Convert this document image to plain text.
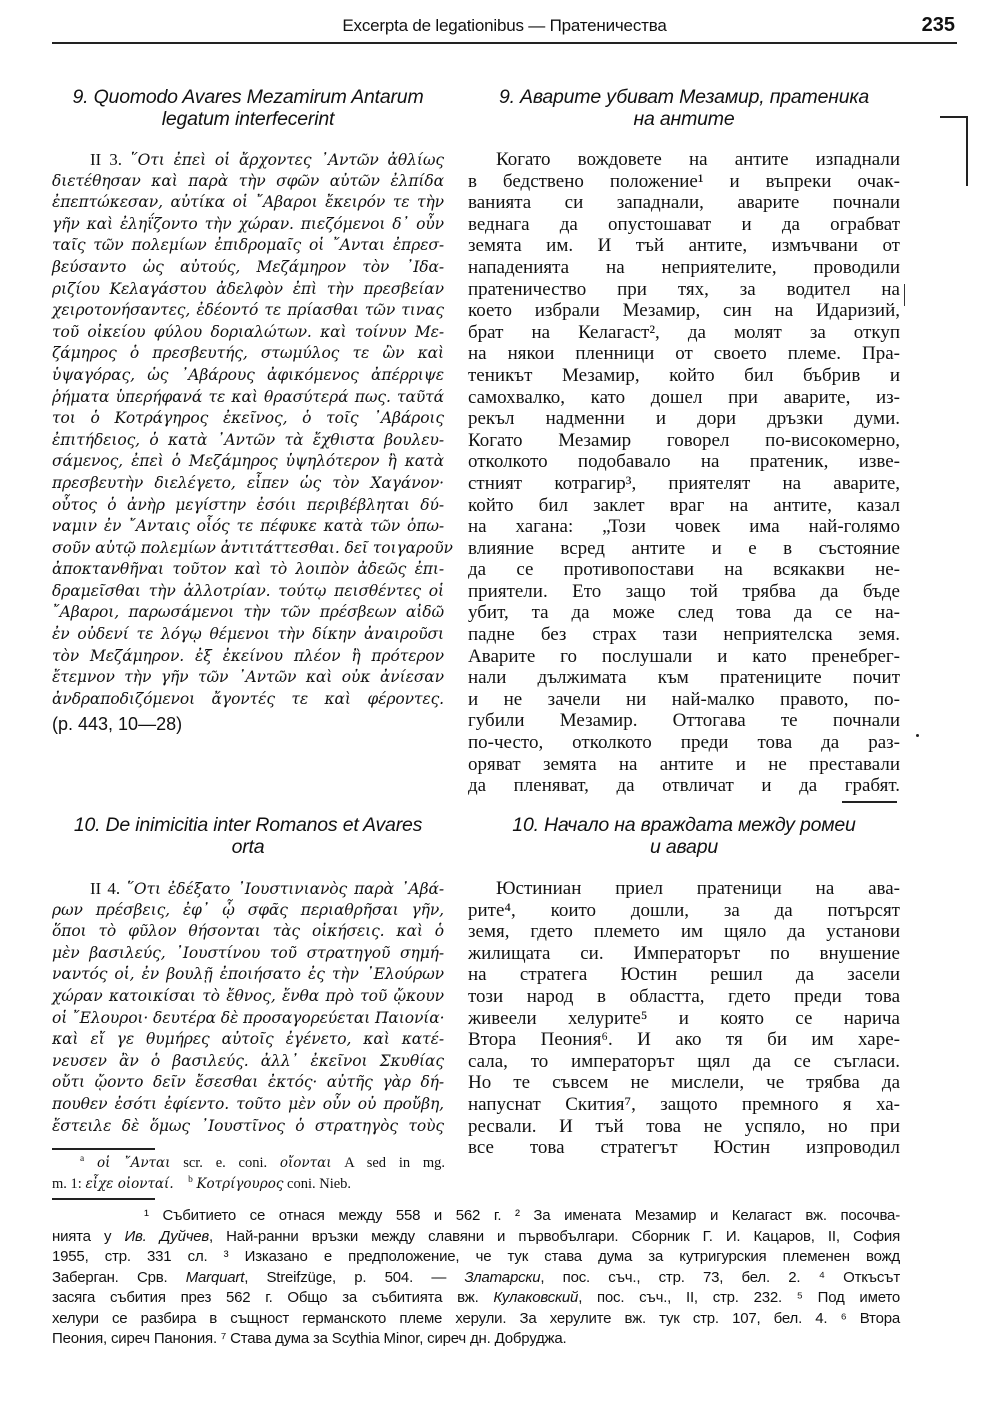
Excerpta de legationibus — Пратеничества	235
9. Quomodo Avares Mezamirum Antarum
legatum interfecerint
9. Аварите убиват Мезамир, пратеника
на антите
II 3. ῞Οτι ἐπεὶ οἱ ἄρχοντες ᾿Αντῶν ἀθλίως
διετέθησαν καὶ παρὰ τὴν σφῶν αὐτῶν ἐλπίδα
ἐπεπτώκεσαν, αὐτίκα οἱ ῎Αβαροι ἔκειρόν τε τὴν
γῆν καὶ ἐληΐζοντο τὴν χώραν. πιεζόμενοι δ᾿ οὖν
ταῖς τῶν πολεμίων ἐπιδρομαῖς οἱ ῎Ανται ἐπρεσ-
βεύσαντο ὡς αὐτούς, Μεζάμηρον τὸν ᾿Ιδα-
ριζίου Κελαγάστου ἀδελφὸν ἐπὶ τὴν πρεσβείαν
χειροτονήσαντες, ἐδέοντό τε πρίασθαι τῶν τινας
τοῦ οἰκείου φύλου δοριαλώτων. καὶ τοίνυν Με-
ζάμηρος ὁ πρεσβευτής, στωμύλος τε ὢν καὶ
ὑψαγόρας, ὡς ᾿Αβάρους ἀφικόμενος ἀπέρριψε
ῥήματα ὑπερήφανά τε καὶ θρασύτερά πως. ταῦτά
τοι ὁ Κοτράγηρος ἐκεῖνος, ὁ τοῖς ᾿Αβάροις
ἐπιτήδειος, ὁ κατὰ ᾿Αντῶν τὰ ἔχθιστα βουλευ-
σάμενος, ἐπεὶ ὁ Μεζάμηρος ὑψηλότερον ἢ κατὰ
πρεσβευτὴν διελέγετο, εἶπεν ὡς τὸν Χαγάνον·
οὗτος ὁ ἀνὴρ μεγίστην ἐσόιι περιβέβληται δύ-
ναμιν ἐν ῎Ανταις οἷός τε πέφυκε κατὰ τῶν ὁπω-
σοῦν αὐτῷ πολεμίων ἀντιτάττεσθαι. δεῖ τοιγαροῦν
ἀποκτανθῆναι τοῦτον καὶ τὸ λοιπὸν ἀδεῶς ἐπι-
δραμεῖσθαι τὴν ἀλλοτρίαν. τούτῳ πεισθέντες οἱ
῎Αβαροι, παρωσάμενοι τὴν τῶν πρέσβεων αἰδῶ
ἐν οὐδενί τε λόγῳ θέμενοι τὴν δίκην ἀναιροῦσι
τὸν Μεζάμηρον. ἐξ ἐκείνου πλέον ἢ πρότερον
ἔτεμνον τὴν γῆν τῶν ᾿Αντῶν καὶ οὐκ ἀνίεσαν
ἀνδραποδιζόμενοι ἄγοντές τε καὶ φέροντες.
(p. 443, 10—28)
Когато вождовете на антите изпаднали
в бедствено положение¹ и въпреки очак-
ванията си западнали, аварите почнали
веднага да опустошават и да ограбват
земята им. И тъй антите, измъчвани от
нападенията на неприятелите, проводили
пратеничество при тях, за водител на
което избрали Мезамир, син на Идаризий,
брат на Келагаст², да молят за откуп
на някои пленници от своето племе. Пра-
теникът Мезамир, който бил бъбрив и
самохвалко, като дошел при аварите, из-
рекъл надменни и дори дръзки думи.
Когато Мезамир говорел по-високомерно,
отколкото подобавало на пратеник, изве-
стният котрагир³, приятелят на аварите,
който бил заклет враг на антите, казал
на хагана: „Този човек има най-голямо
влияние всред антите и е в състояние
да се противопостави на всякакви не-
приятели. Ето защо той трябва да бъде
убит, та да може след това да се на-
падне без страх тази неприятелска земя.
Аварите го послушали и като пренебрег-
нали дължимата към пратениците почит
и не зачели ни най-малко правото, по-
губили Мезамир. Оттогава те почнали
по-често, отколкото преди това да раз-
оряват земята на антите и не преставали
да пленяват, да отвличат и да грабят.
10. De inimicitia inter Romanos et Avares
orta
10. Начало на враждата между ромеи
и авари
II 4. ῞Οτι ἐδέξατο ᾿Ιουστινιανὸς παρὰ ᾿Αβά-
ρων πρέσβεις, ἐφ᾿ ᾧ σφᾶς περιαθρῆσαι γῆν,
ὅποι τὸ φῦλον θήσονται τὰς οἰκήσεις. καὶ ὁ
μὲν βασιλεύς, ᾿Ιουστίνου τοῦ στρατηγοῦ σημή-
ναντός οἱ, ἐν βουλῇ ἐποιήσατο ἐς τὴν ᾿Ελούρων
χώραν κατοικίσαι τὸ ἔθνος, ἔνθα πρὸ τοῦ ᾤκουν
οἱ ῎Ελουροι· δευτέρα δὲ προσαγορεύεται Παιονία·
καὶ εἴ γε θυμήρες αὐτοῖς ἐγένετο, καὶ κατέ-
νευσεν ἂν ὁ βασιλεύς. ἀλλ᾿ ἐκεῖνοι Σκυθίας
οὔτι ᾤοντο δεῖν ἔσεσθαι ἐκτός· αὐτῆς γὰρ δή-
πουθεν ἐσότι ἐφίεντο. τοῦτο μὲν οὖν οὐ προὔβη,
ἔστειλε δὲ ὅμως ᾿Ιουστῖνος ὁ στρατηγὸς τοὺς
Юстиниан приел пратеници на ава-
рите⁴, които дошли, за да потърсят
земя, гдето племето им щяло да установи
жилищата си. Императорът по внушение
на стратега Юстин решил да засели
този народ в областта, гдето преди това
живеели хелурите⁵ и която се нарича
Втора Пеония⁶. И ако тя би им харе-
сала, то императорът щял да се съгласи.
Но те съвсем не мислели, че трябва да
напуснат Скития⁷, защото премного я ха-
ресвали. И тъй това не успяло, но при
все това стратегът Юстин изпроводил
$^a$ οἱ ῎Ανται scr. e. coni. οἴονται A sed in mg.
m. 1: εἶχε οἰονταί. $^b$ Κοτρίγουρος coni. Nieb.
¹ Събитието се отнася между 558 и 562 г. ² За имената Мезамир и Келагаст вж. посочва-
нията у Ив. Дуйчев, Най-ранни връзки между славяни и първобългари. Сборник Г. И. Кацаров, II, София
1955, стр. 331 сл. ³ Изказано е предположение, че тук става дума за кутригурския племенен вожд
Заберган. Срв. Marquart, Streifzüge, p. 504. — Златарски, пос. съч., стр. 73, бел. 2. ⁴ Откъсът
засяга събития през 562 г. Общо за събитията вж. Кулаковский, пос. съч., II, стр. 232. ⁵ Под името
хелури се разбира в същност германското племе херули. За херулите вж. тук стр. 107, бел. 4. ⁶ Втора
Пеония, сиреч Панония. ⁷ Става дума за Scythia Minor, сиреч дн. Добруджа.
